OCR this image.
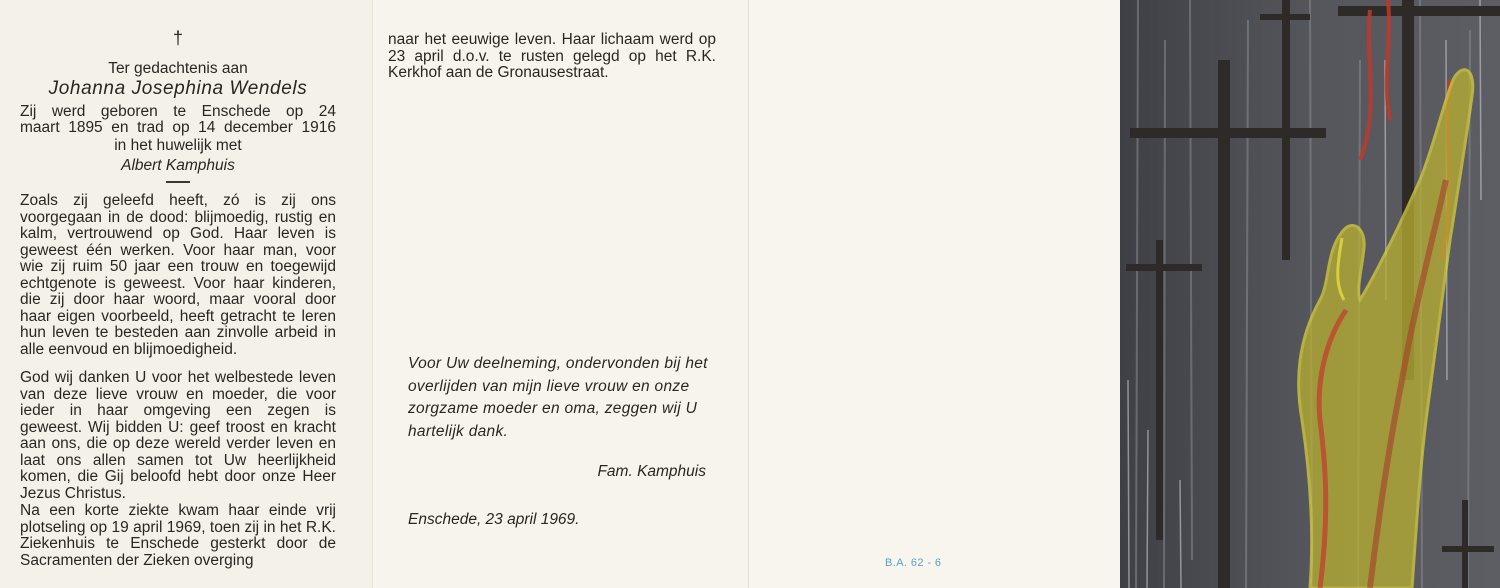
†
Ter gedachtenis aan
Johanna Josephina Wendels
Zij werd geboren te Enschede op 24
maart 1895 en trad op 14 december 1916
in het huwelijk met
Albert Kamphuis

Zoals zij geleefd heeft, zó is zij ons voorgegaan in de dood: blijmoedig, rustig en kalm, vertrouwend op God. Haar leven is geweest één werken. Voor haar man, voor wie zij ruim 50 jaar een trouw en toegewijd echtgenote is geweest. Voor haar kinderen, die zij door haar woord, maar vooral door haar eigen voorbeeld, heeft getracht te leren hun leven te besteden aan zinvolle arbeid in alle eenvoud en blijmoedigheid.

God wij danken U voor het welbestede leven van deze lieve vrouw en moeder, die voor ieder in haar omgeving een zegen is geweest. Wij bidden U: geef troost en kracht aan ons, die op deze wereld verder leven en laat ons allen samen tot Uw heerlijkheid komen, die Gij beloofd hebt door onze Heer Jezus Christus.

Na een korte ziekte kwam haar einde vrij plotseling op 19 april 1969, toen zij in het R.K. Ziekenhuis te Enschede gesterkt door de Sacramenten der Zieken overging

naar het eeuwige leven. Haar lichaam werd op 23 april d.o.v. te rusten gelegd op het R.K. Kerkhof aan de Gronausestraat.

Voor Uw deelneming, ondervonden bij het overlijden van mijn lieve vrouw en onze zorgzame moeder en oma, zeggen wij U hartelijk dank.

Fam. Kamphuis

Enschede, 23 april 1969.

B.A. 62 - 6
